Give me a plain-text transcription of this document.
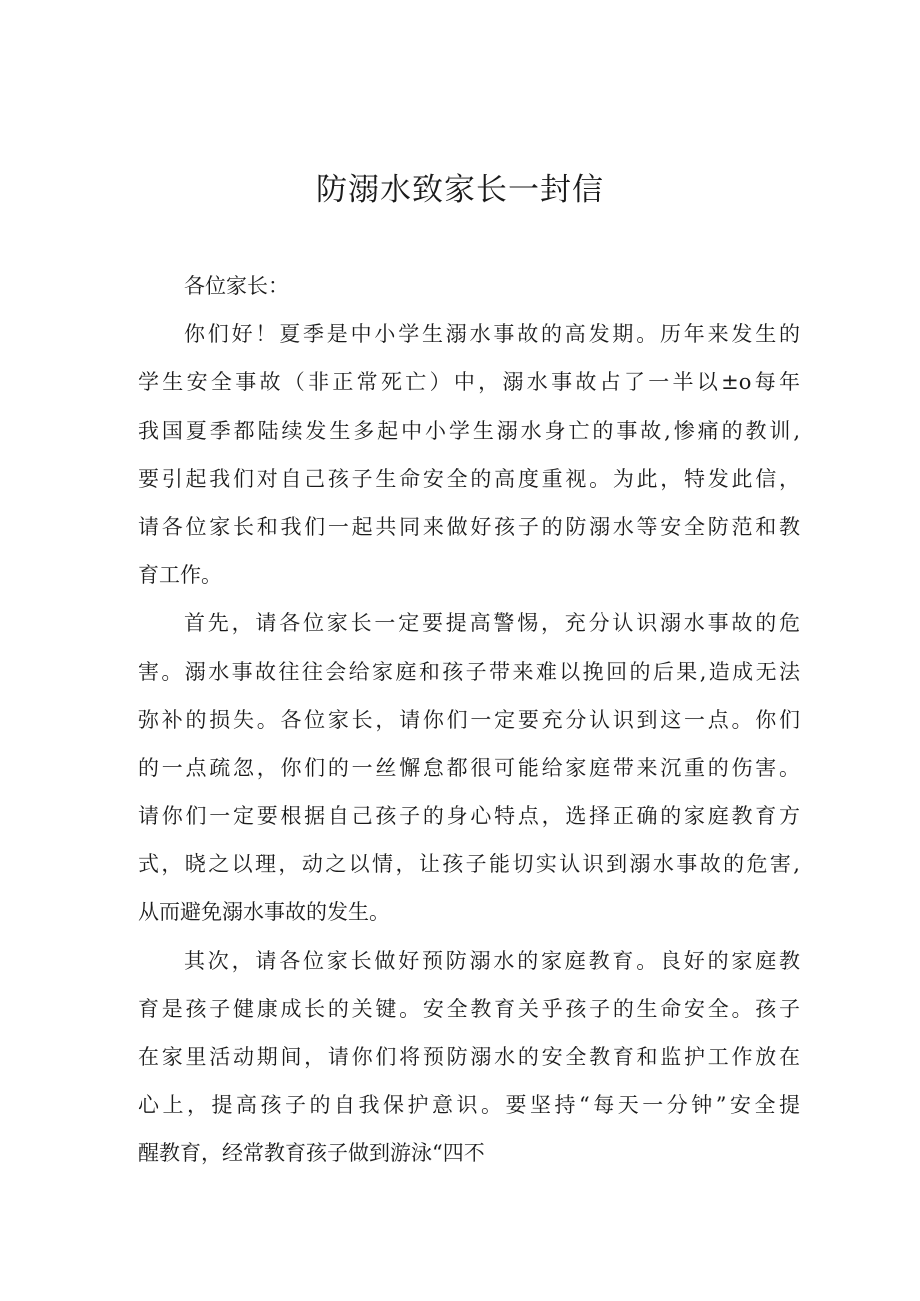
防溺水致家长一封信
各位家长：
你们好！夏季是中小学生溺水事故的高发期。历年来发生的
学生安全事故（非正常死亡）中，溺水事故占了一半以±o每年
我国夏季都陆续发生多起中小学生溺水身亡的事故,惨痛的教训,
要引起我们对自己孩子生命安全的高度重视。为此，特发此信，
请各位家长和我们一起共同来做好孩子的防溺水等安全防范和教
育工作。
首先，请各位家长一定要提高警惕，充分认识溺水事故的危
害。溺水事故往往会给家庭和孩子带来难以挽回的后果,造成无法
弥补的损失。各位家长，请你们一定要充分认识到这一点。你们
的一点疏忽，你们的一丝懈怠都很可能给家庭带来沉重的伤害。
请你们一定要根据自己孩子的身心特点，选择正确的家庭教育方
式，晓之以理，动之以情，让孩子能切实认识到溺水事故的危害,
从而避免溺水事故的发生。
其次，请各位家长做好预防溺水的家庭教育。良好的家庭教
育是孩子健康成长的关键。安全教育关乎孩子的生命安全。孩子
在家里活动期间，请你们将预防溺水的安全教育和监护工作放在
心上，提高孩子的自我保护意识。要坚持“每天一分钟”安全提
醒教育，经常教育孩子做到游泳“四不
